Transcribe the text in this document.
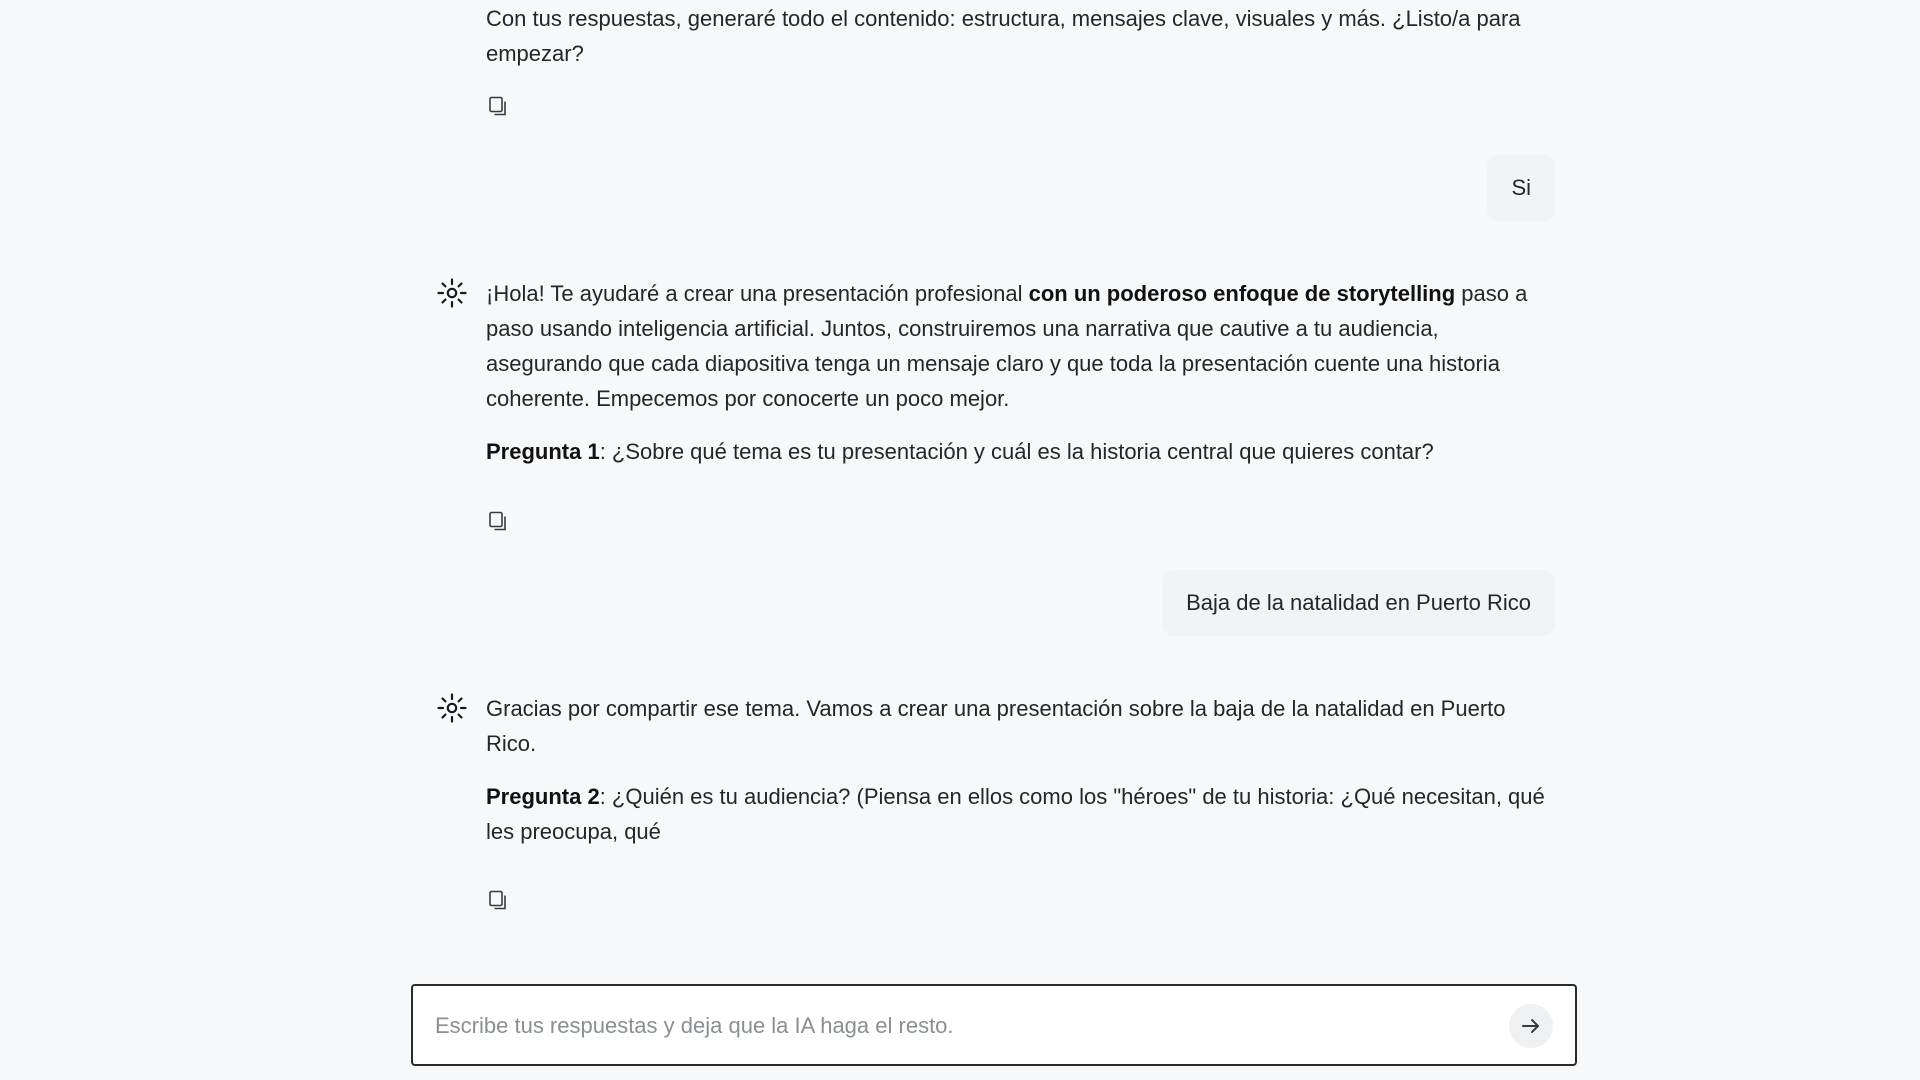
Con tus respuestas, generaré todo el contenido: estructura, mensajes clave, visuales y más. ¿Listo/a para empezar?

Si

¡Hola! Te ayudaré a crear una presentación profesional con un poderoso enfoque de storytelling paso a paso usando inteligencia artificial. Juntos, construiremos una narrativa que cautive a tu audiencia, asegurando que cada diapositiva tenga un mensaje claro y que toda la presentación cuente una historia coherente. Empecemos por conocerte un poco mejor.

Pregunta 1: ¿Sobre qué tema es tu presentación y cuál es la historia central que quieres contar?

Baja de la natalidad en Puerto Rico

Gracias por compartir ese tema. Vamos a crear una presentación sobre la baja de la natalidad en Puerto Rico.

Pregunta 2: ¿Quién es tu audiencia? (Piensa en ellos como los "héroes" de tu historia: ¿Qué necesitan, qué les preocupa, qué

Escribe tus respuestas y deja que la IA haga el resto.
